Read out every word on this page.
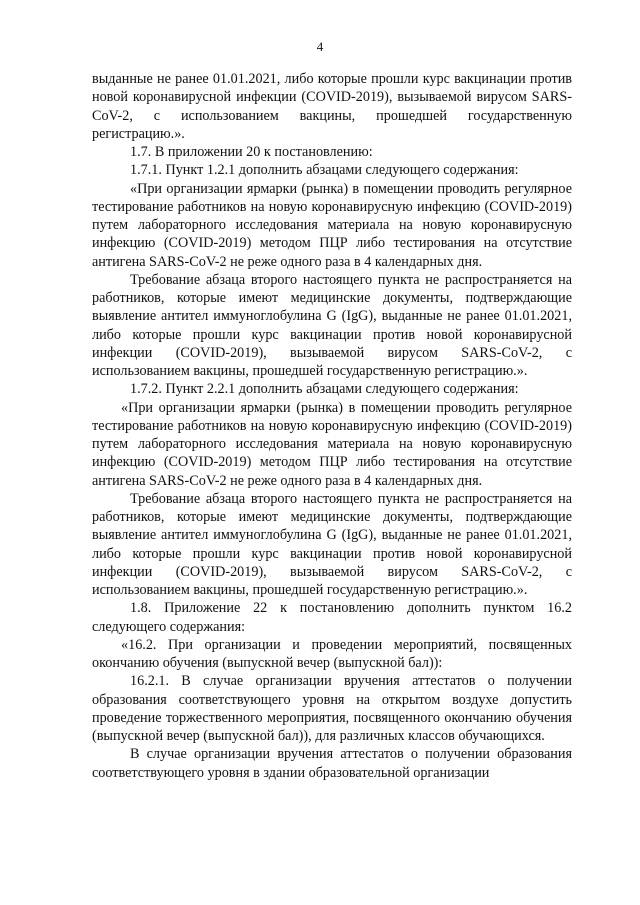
4

выданные не ранее 01.01.2021, либо которые прошли курс вакцинации против новой коронавирусной инфекции (COVID-2019), вызываемой вирусом SARS-CoV-2, с использованием вакцины, прошедшей государственную регистрацию.».

1.7. В приложении 20 к постановлению:

1.7.1. Пункт 1.2.1 дополнить абзацами следующего содержания:

«При организации ярмарки (рынка) в помещении проводить регулярное тестирование работников на новую коронавирусную инфекцию (COVID-2019) путем лабораторного исследования материала на новую коронавирусную инфекцию (COVID-2019) методом ПЦР либо тестирования на отсутствие антигена SARS-CoV-2 не реже одного раза в 4 календарных дня.

Требование абзаца второго настоящего пункта не распространяется на работников, которые имеют медицинские документы, подтверждающие выявление антител иммуноглобулина G (IgG), выданные не ранее 01.01.2021, либо которые прошли курс вакцинации против новой коронавирусной инфекции (COVID-2019), вызываемой вирусом SARS-CoV-2, с использованием вакцины, прошедшей государственную регистрацию.».

1.7.2. Пункт 2.2.1 дополнить абзацами следующего содержания:

«При организации ярмарки (рынка) в помещении проводить регулярное тестирование работников на новую коронавирусную инфекцию (COVID-2019) путем лабораторного исследования материала на новую коронавирусную инфекцию (COVID-2019) методом ПЦР либо тестирования на отсутствие антигена SARS-CoV-2 не реже одного раза в 4 календарных дня.

Требование абзаца второго настоящего пункта не распространяется на работников, которые имеют медицинские документы, подтверждающие выявление антител иммуноглобулина G (IgG), выданные не ранее 01.01.2021, либо которые прошли курс вакцинации против новой коронавирусной инфекции (COVID-2019), вызываемой вирусом SARS-CoV-2, с использованием вакцины, прошедшей государственную регистрацию.».

1.8. Приложение 22 к постановлению дополнить пунктом 16.2 следующего содержания:

«16.2. При организации и проведении мероприятий, посвященных окончанию обучения (выпускной вечер (выпускной бал)):

16.2.1. В случае организации вручения аттестатов о получении образования соответствующего уровня на открытом воздухе допустить проведение торжественного мероприятия, посвященного окончанию обучения (выпускной вечер (выпускной бал)), для различных классов обучающихся.

В случае организации вручения аттестатов о получении образования соответствующего уровня в здании образовательной организации
